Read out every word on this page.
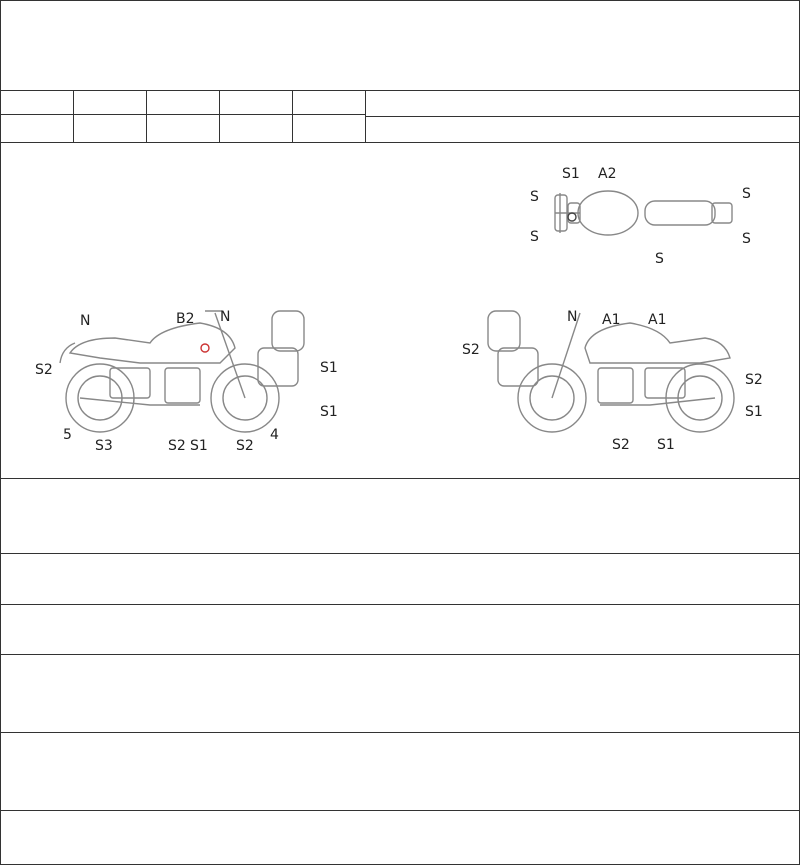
S1 A2
S
S
S
S
S
N	B2 N
S2	S1
S1
5
S3	S2 S1 S2
4
N A1 A1
S2
S2
S1
S2 S1
